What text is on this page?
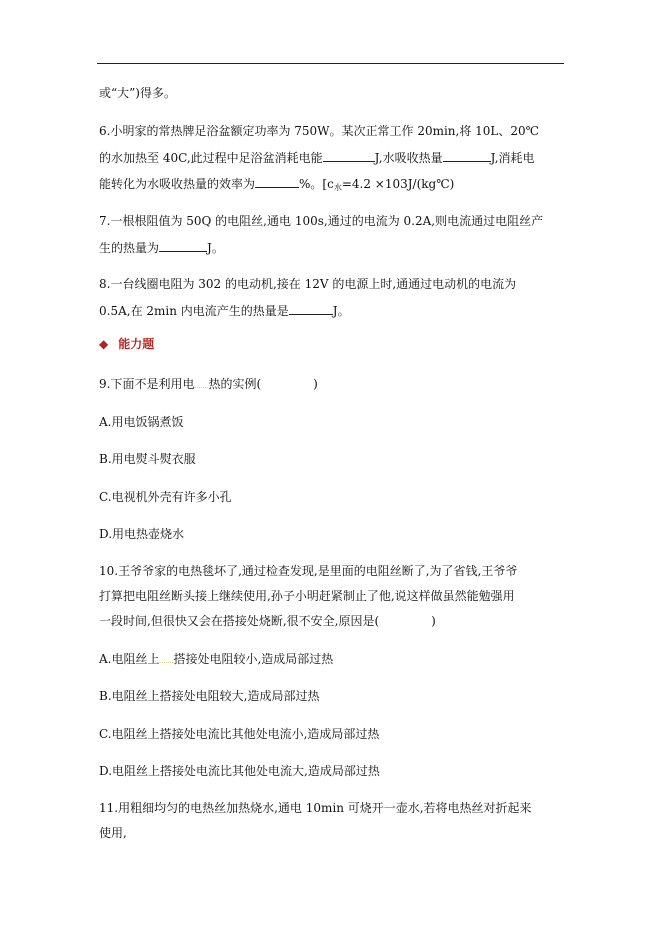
或“大”)得多。
6.小明家的常热牌足浴盆额定功率为 750W。某次正常工作 20min,将 10L、20℃
的水加热至 40C,此过程中足浴盆消耗电能	J,水吸收热量	J,消耗电
能转化为水吸收热量的效率为	%。[$c_水=4.2$ ×103J/(kg℃)
7.一根根阻值为 50Q 的电阻丝,通电 100s,通过的电流为 0.2A,则电流通过电阻丝产
生的热量为	J。
8.一台线圈电阻为 302 的电动机,接在 12V 的电源上时,通通过电动机的电流为
0.5A,在 2min 内电流产生的热量是	J。
◆ 能力题
9.下面不是利用电 热的实例(	)
A.用电饭锅煮饭
B.用电熨斗熨衣服
C.电视机外壳有许多小孔
D.用电热壶烧水
10.王爷爷家的电热毯坏了,通过检查发现,是里面的电阻丝断了,为了省钱,王爷爷
打算把电阻丝断头接上继续使用,孙子小明赶紧制止了他,说这样做虽然能勉强用
一段时间,但很快又会在搭接处烧断,很不安全,原因是(	)
A.电阻丝上 搭接处电阻较小,造成局部过热
B.电阻丝上搭接处电阻较大,造成局部过热
C.电阻丝上搭接处电流比其他处电流小,造成局部过热
D.电阻丝上搭接处电流比其他处电流大,造成局部过热
11.用粗细均匀的电热丝加热烧水,通电 10min 可烧开一壶水,若将电热丝对折起来
使用,
